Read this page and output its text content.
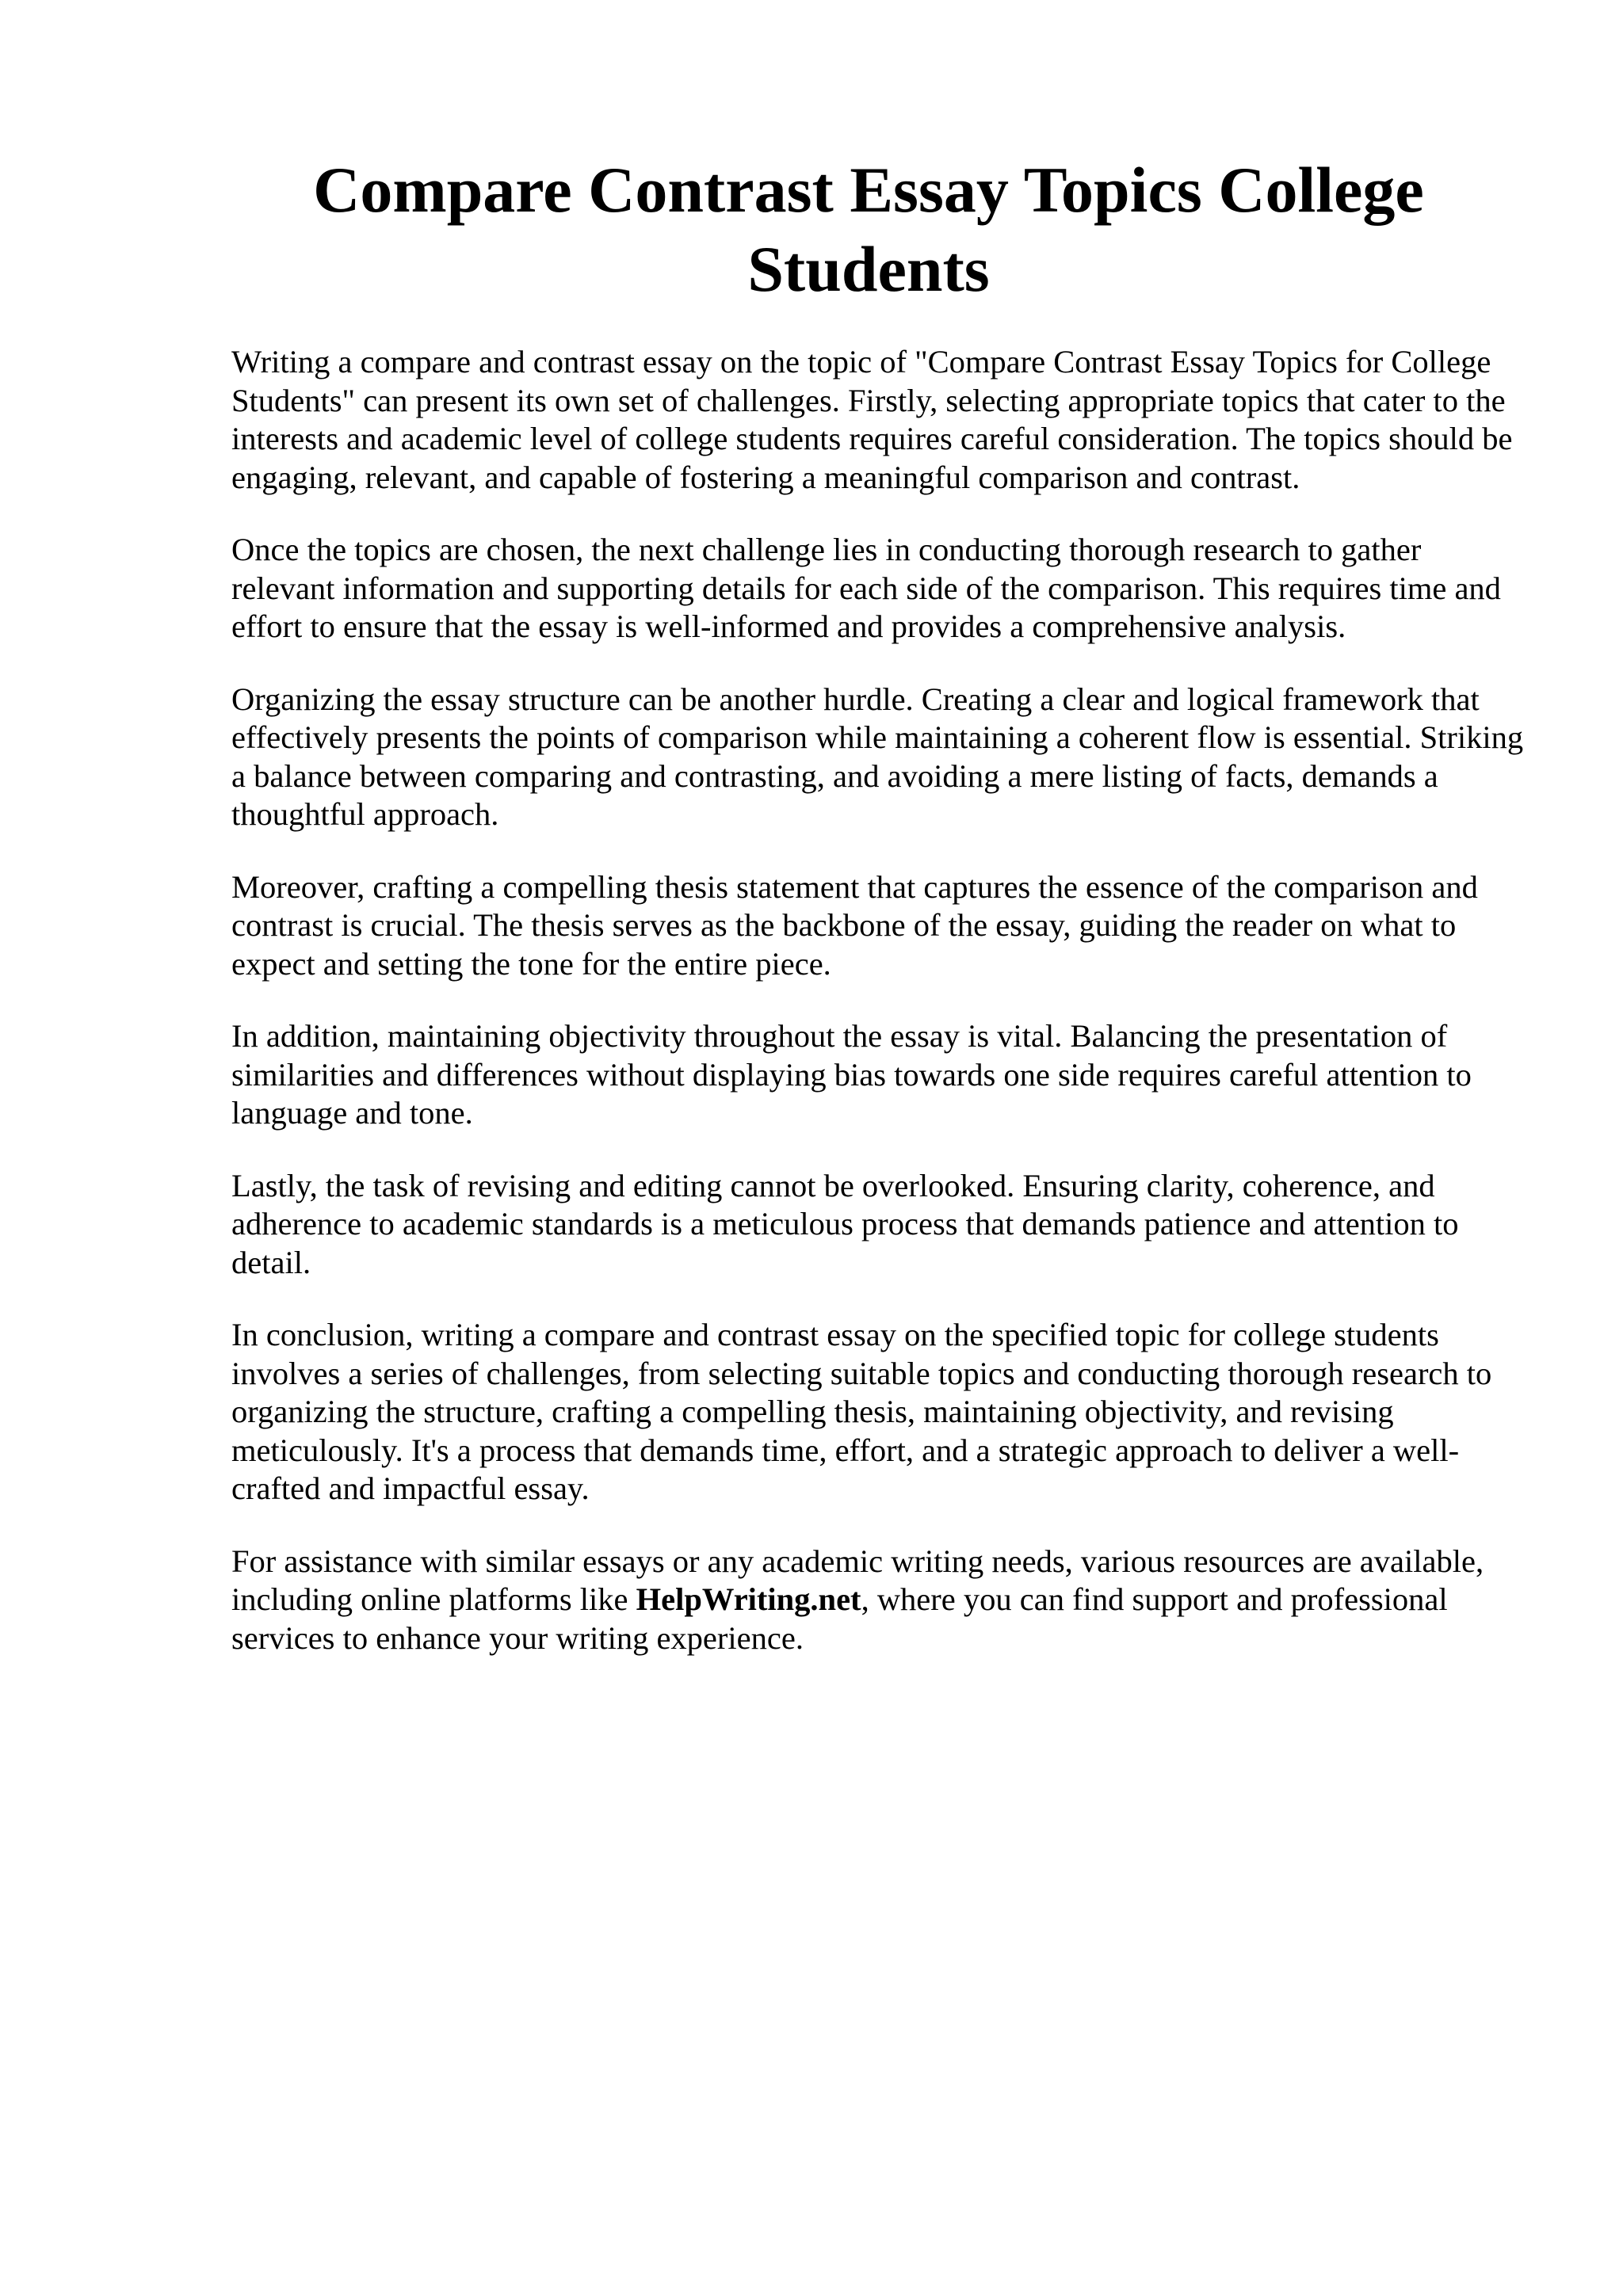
Compare Contrast Essay Topics College Students

Writing a compare and contrast essay on the topic of "Compare Contrast Essay Topics for College Students" can present its own set of challenges. Firstly, selecting appropriate topics that cater to the interests and academic level of college students requires careful consideration. The topics should be engaging, relevant, and capable of fostering a meaningful comparison and contrast.

Once the topics are chosen, the next challenge lies in conducting thorough research to gather relevant information and supporting details for each side of the comparison. This requires time and effort to ensure that the essay is well-informed and provides a comprehensive analysis.

Organizing the essay structure can be another hurdle. Creating a clear and logical framework that effectively presents the points of comparison while maintaining a coherent flow is essential. Striking a balance between comparing and contrasting, and avoiding a mere listing of facts, demands a thoughtful approach.

Moreover, crafting a compelling thesis statement that captures the essence of the comparison and contrast is crucial. The thesis serves as the backbone of the essay, guiding the reader on what to expect and setting the tone for the entire piece.

In addition, maintaining objectivity throughout the essay is vital. Balancing the presentation of similarities and differences without displaying bias towards one side requires careful attention to language and tone.

Lastly, the task of revising and editing cannot be overlooked. Ensuring clarity, coherence, and adherence to academic standards is a meticulous process that demands patience and attention to detail.

In conclusion, writing a compare and contrast essay on the specified topic for college students involves a series of challenges, from selecting suitable topics and conducting thorough research to organizing the structure, crafting a compelling thesis, maintaining objectivity, and revising meticulously. It's a process that demands time, effort, and a strategic approach to deliver a well-crafted and impactful essay.

For assistance with similar essays or any academic writing needs, various resources are available, including online platforms like HelpWriting.net, where you can find support and professional services to enhance your writing experience.
